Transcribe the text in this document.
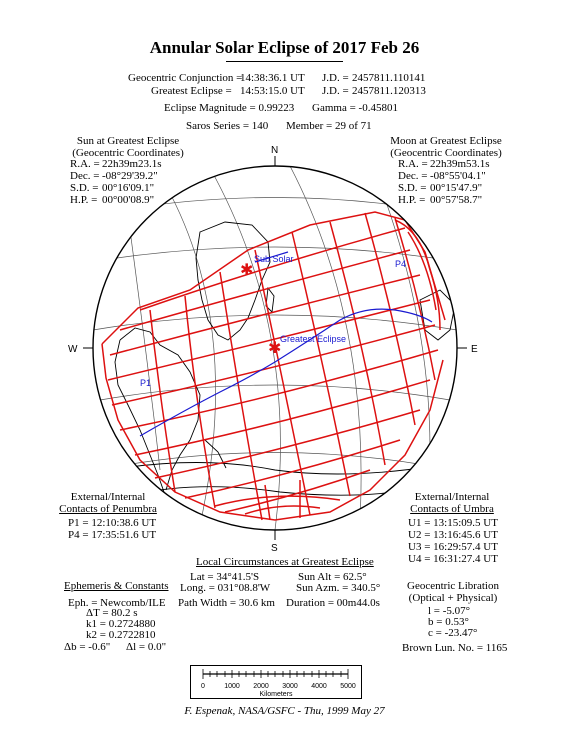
Annular Solar Eclipse of 2017 Feb 26
Geocentric Conjunction =
14:38:36.1 UT J.D. = 2457811.110141
Greatest Eclipse = 14:53:15.0 UT J.D. = 2457811.120313
Eclipse Magnitude = 0.99223 Gamma = -0.45801
Saros Series = 140 Member = 29 of 71
Sun at Greatest Eclipse
(Geocentric Coordinates)
R.A. = 22h39m23.1s
Dec. = -08°29'39.2"
S.D. = 00°16'09.1"
H.P. = 00°00'08.9"
Moon at Greatest Eclipse
(Geocentric Coordinates)
R.A. = 22h39m53.1s
Dec. = -08°55'04.1"
S.D. = 00°15'47.9"
H.P. = 00°57'58.7"
✱
✱
Sub Solar
Greatest Eclipse
P1
P4
N
S
W	E
External/Internal
Contacts of Penumbra
P1 = 12:10:38.6 UT
P4 = 17:35:51.6 UT
External/Internal
Contacts of Umbra
U1 = 13:15:09.5 UT
U2 = 13:16:45.6 UT
U3 = 16:29:57.4 UT
U4 = 16:31:27.4 UT
Local Circumstances at Greatest Eclipse
Lat = 34°41.5'S
Long. = 031°08.8'W
Sun Alt = 62.5°
Sun Azm. = 340.5°
Path Width = 30.6 km Duration = 00m44.0s
Ephemeris & Constants
Eph. = Newcomb/ILE
ΔT = 80.2 s
k1 = 0.2724880
k2 = 0.2722810
Δb = -0.6" Δl = 0.0"
Geocentric Libration
(Optical + Physical)
l = -5.07°
b = 0.53°
c = -23.47°
Brown Lun. No. = 1165
0	1000 2000 3000 4000 5000
Kilometers
F. Espenak, NASA/GSFC - Thu, 1999 May 27
